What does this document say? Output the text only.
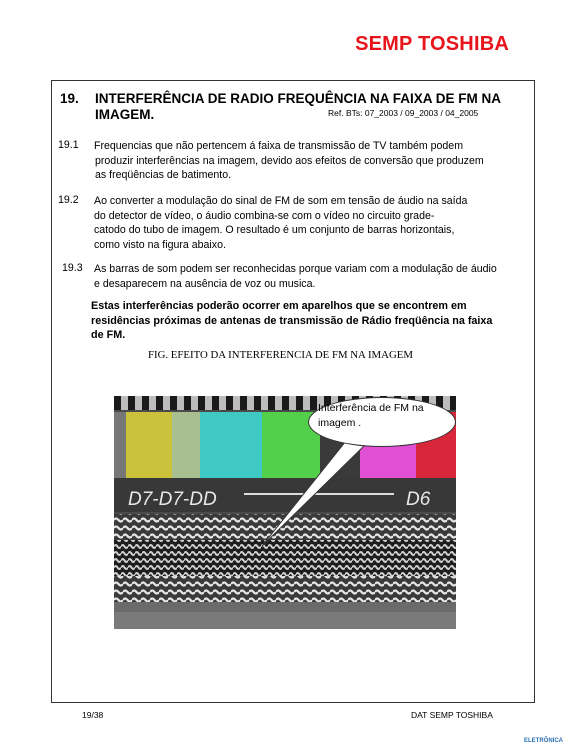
SEMP TOSHIBA
19. INTERFERÊNCIA DE RADIO FREQUÊNCIA NA FAIXA DE FM NA IMAGEM.	Ref. BTs: 07_2003 / 09_2003 / 04_2005
19.1 Frequencias que não pertencem á faixa de transmissão de TV também podem
produzir interferências na imagem, devido aos efeitos de conversão que produzem
as freqüências de batimento.
19.2 Ao converter a modulação do sinal de FM de som em tensão de áudio na saída
do detector de vídeo, o áudio combina-se com o vídeo no circuito grade-
catodo do tubo de imagem. O resultado é um conjunto de barras horizontais,
como visto na figura abaixo.
19.3 As barras de som podem ser reconhecidas porque variam com a modulação de áudio
e desaparecem na ausência de voz ou musica.
Estas interferências poderão ocorrer em aparelhos que se encontrem em
residências próximas de antenas de transmissão de Rádio freqüência na faixa
de FM.
FIG. EFEITO DA INTERFERENCIA DE FM NA IMAGEM
D7-D7-DD	D6
Interferência de FM na
imagem .
19/38	DAT SEMP TOSHIBA
ELETRÔNICA
